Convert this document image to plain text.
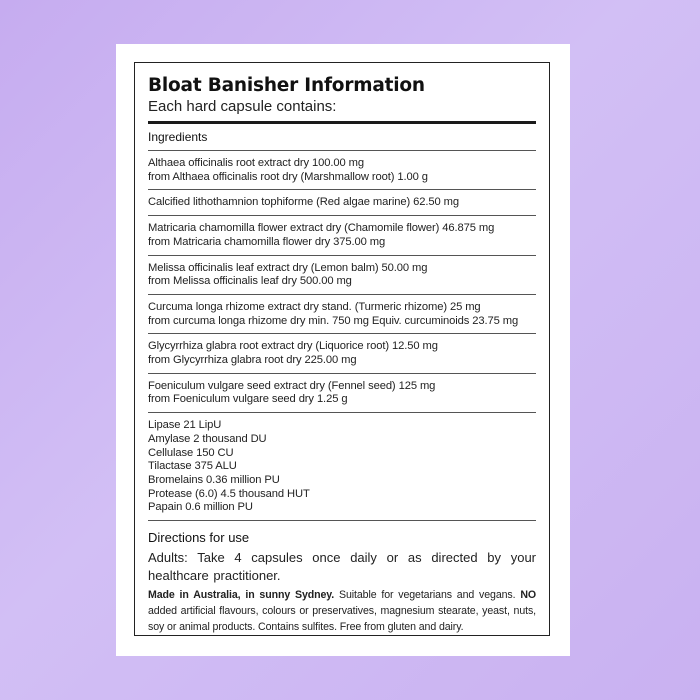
Bloat Banisher Information
Each hard capsule contains:
Ingredients
Althaea officinalis root extract dry 100.00 mg
from Althaea officinalis root dry (Marshmallow root) 1.00 g
Calcified lithothamnion tophiforme (Red algae marine) 62.50 mg
Matricaria chamomilla flower extract dry (Chamomile flower) 46.875 mg
from Matricaria chamomilla flower dry 375.00 mg
Melissa officinalis leaf extract dry (Lemon balm) 50.00 mg
from Melissa officinalis leaf dry 500.00 mg
Curcuma longa rhizome extract dry stand. (Turmeric rhizome) 25 mg
from curcuma longa rhizome dry min. 750 mg Equiv. curcuminoids 23.75 mg
Glycyrrhiza glabra root extract dry (Liquorice root) 12.50 mg
from Glycyrrhiza glabra root dry 225.00 mg
Foeniculum vulgare seed extract dry (Fennel seed) 125 mg
from Foeniculum vulgare seed dry 1.25 g
Lipase 21 LipU
Amylase 2 thousand DU
Cellulase 150 CU
Tilactase 375 ALU
Bromelains 0.36 million PU
Protease (6.0) 4.5 thousand HUT
Papain 0.6 million PU
Directions for use
Adults: Take 4 capsules once daily or as directed by your healthcare practitioner.
Made in Australia, in sunny Sydney. Suitable for vegetarians and vegans. NO added artificial flavours, colours or preservatives, magnesium stearate, yeast, nuts, soy or animal products. Contains sulfites. Free from gluten and dairy.
